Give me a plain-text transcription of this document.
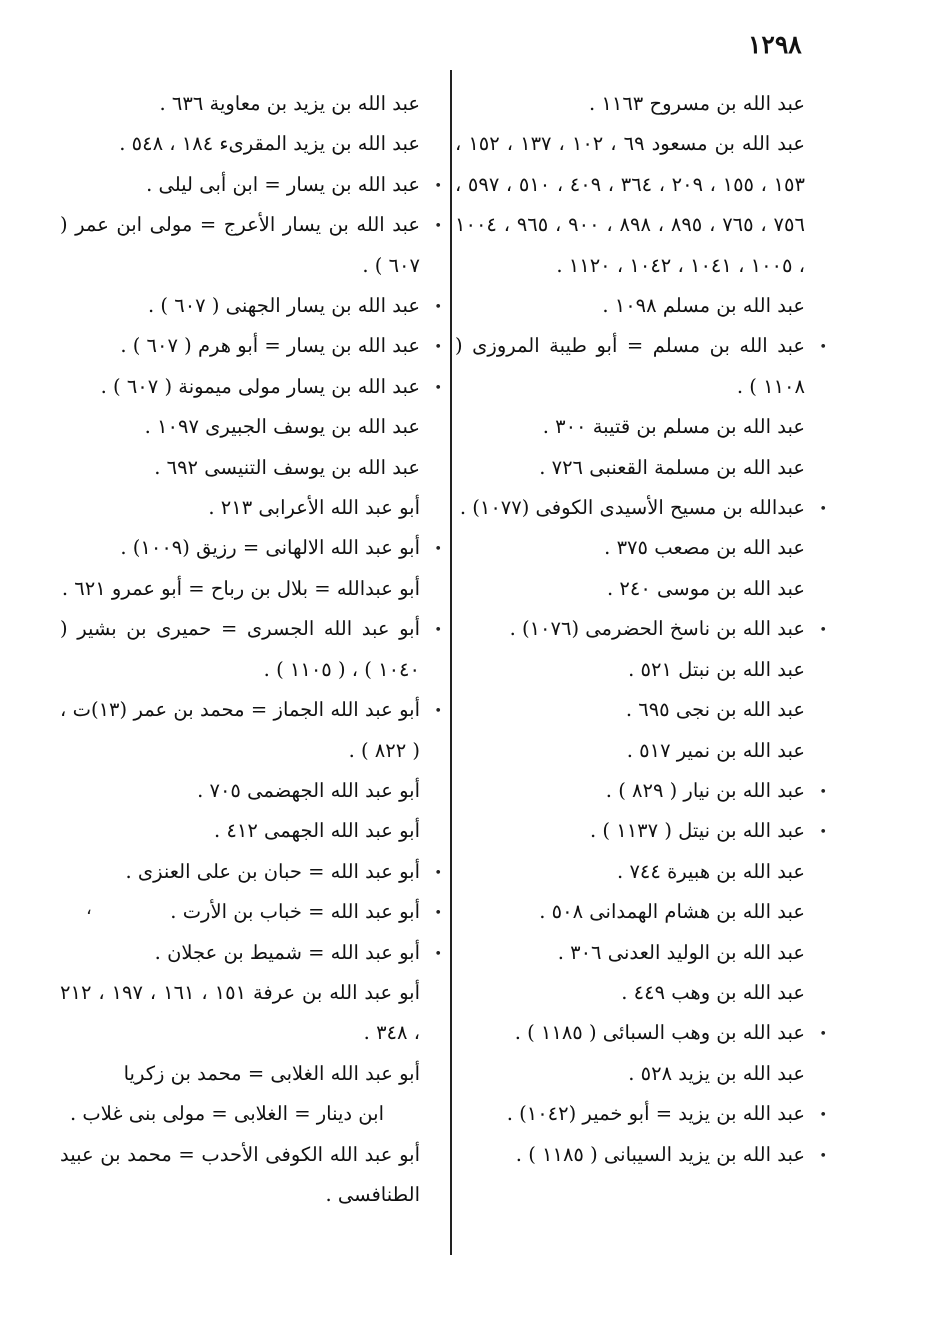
١٢٩٨
عبد الله بن مسروح ١١٦٣ .
عبد الله بن مسعود ٦٩ ، ١٠٢ ، ١٣٧ ، ١٥٢ ، ١٥٣ ، ١٥٥ ، ٢٠٩ ، ٣٦٤ ، ٤٠٩ ، ٥١٠ ، ٥٩٧ ، ٧٥٦ ، ٧٦٥ ، ٨٩٥ ، ٨٩٨ ، ٩٠٠ ، ٩٦٥ ، ١٠٠٤ ، ١٠٠٥ ، ١٠٤١ ، ١٠٤٢ ، ١١٢٠ .
عبد الله بن مسلم ١٠٩٨ .
عبد الله بن مسلم = أبو طيبة المروزى ( ١١٠٨ ) . •
عبد الله بن مسلم بن قتيبة ٣٠٠ .
عبد الله بن مسلمة القعنبى ٧٢٦ .
عبدالله بن مسيح الأسيدى الكوفى (١٠٧٧) . •
عبد الله بن مصعب ٣٧٥ .
عبد الله بن موسى ٢٤٠ .
عبد الله بن ناسخ الحضرمى (١٠٧٦) . •
عبد الله بن نبتل ٥٢١ .
عبد الله بن نجى ٦٩٥ .
عبد الله بن نمير ٥١٧ .
عبد الله بن نيار ( ٨٢٩ ) . •
عبد الله بن نيتل ( ١١٣٧ ) . •
عبد الله بن هبيرة ٧٤٤ .
عبد الله بن هشام الهمدانى ٥٠٨ .
عبد الله بن الوليد العدنى ٣٠٦ .
عبد الله بن وهب ٤٤٩ .
عبد الله بن وهب السبائى ( ١١٨٥ ) . •
عبد الله بن يزيد ٥٢٨ .
عبد الله بن يزيد = أبو خمير (١٠٤٢) . •
عبد الله بن يزيد السيبانى ( ١١٨٥ ) . •
عبد الله بن يزيد بن معاوية ٦٣٦ .
عبد الله بن يزيد المقرىء ١٨٤ ، ٥٤٨ .
عبد الله بن يسار = ابن أبى ليلى . •
عبد الله بن يسار الأعرج = مولى ابن عمر ( ٦٠٧ ) . •
عبد الله بن يسار الجهنى ( ٦٠٧ ) . •
عبد الله بن يسار = أبو هرم ( ٦٠٧ ) . •
عبد الله بن يسار مولى ميمونة ( ٦٠٧ ) . •
عبد الله بن يوسف الجبيرى ١٠٩٧ .
عبد الله بن يوسف التنيسى ٦٩٢ .
أبو عبد الله الأعرابى ٢١٣ .
أبو عبد الله الالهانى = رزيق (١٠٠٩) . •
أبو عبدالله = بلال بن رباح = أبو عمرو ٦٢١ .
أبو عبد الله الجسرى = حميرى بن بشير ( ١٠٤٠ ) ، ( ١١٠٥ ) . •
أبو عبد الله الجماز = محمد بن عمر (١٣)ت ، ( ٨٢٢ ) . •
أبو عبد الله الجهضمى ٧٠٥ .
أبو عبد الله الجهمى ٤١٢ .
أبو عبد الله = حبان بن على العنزى . •
أبو عبد الله = خباب بن الأرت . •
أبو عبد الله = شميط بن عجلان . •
أبو عبد الله بن عرفة ١٥١ ، ١٦١ ، ١٩٧ ، ٢١٢ ، ٣٤٨ .
أبو عبد الله الغلابى = محمد بن زكريا
ابن دينار = الغلابى = مولى بنى غلاب .
أبو عبد الله الكوفى الأحدب = محمد بن عبيد الطنافسى .
،
